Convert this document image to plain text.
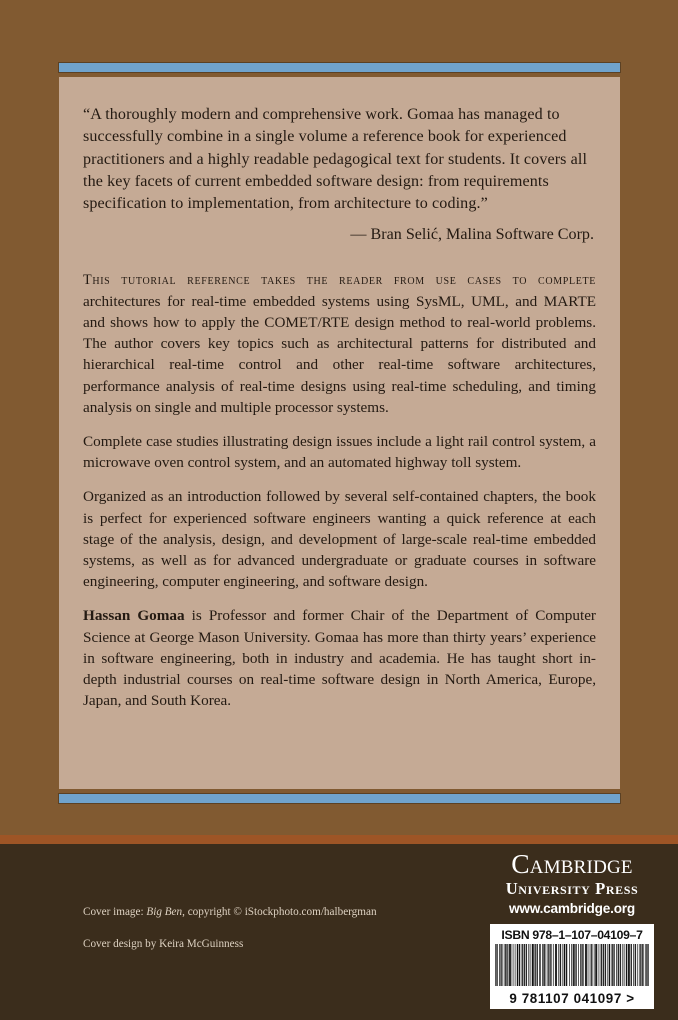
“A thoroughly modern and comprehensive work. Gomaa has managed to successfully combine in a single volume a reference book for experienced practitioners and a highly readable pedagogical text for students. It covers all the key facets of current embedded software design: from requirements specification to implementation, from architecture to coding.”

— Bran Selić, Malina Software Corp.

This tutorial reference takes the reader from use cases to complete architectures for real-time embedded systems using SysML, UML, and MARTE and shows how to apply the COMET/RTE design method to real-world problems. The author covers key topics such as architectural patterns for distributed and hierarchical real-time control and other real-time software architectures, performance analysis of real-time designs using real-time scheduling, and timing analysis on single and multiple processor systems.

Complete case studies illustrating design issues include a light rail control system, a microwave oven control system, and an automated highway toll system.

Organized as an introduction followed by several self-contained chapters, the book is perfect for experienced software engineers wanting a quick reference at each stage of the analysis, design, and development of large-scale real-time embedded systems, as well as for advanced undergraduate or graduate courses in software engineering, computer engineering, and software design.

Hassan Gomaa is Professor and former Chair of the Department of Computer Science at George Mason University. Gomaa has more than thirty years’ experience in software engineering, both in industry and academia. He has taught short in-depth industrial courses on real-time software design in North America, Europe, Japan, and South Korea.

Cover image: Big Ben, copyright © iStockphoto.com/halbergman
Cover design by Keira McGuinness
Cambridge
University Press
www.cambridge.org
ISBN 978–1–107–04109–7
9 781107 041097 >
